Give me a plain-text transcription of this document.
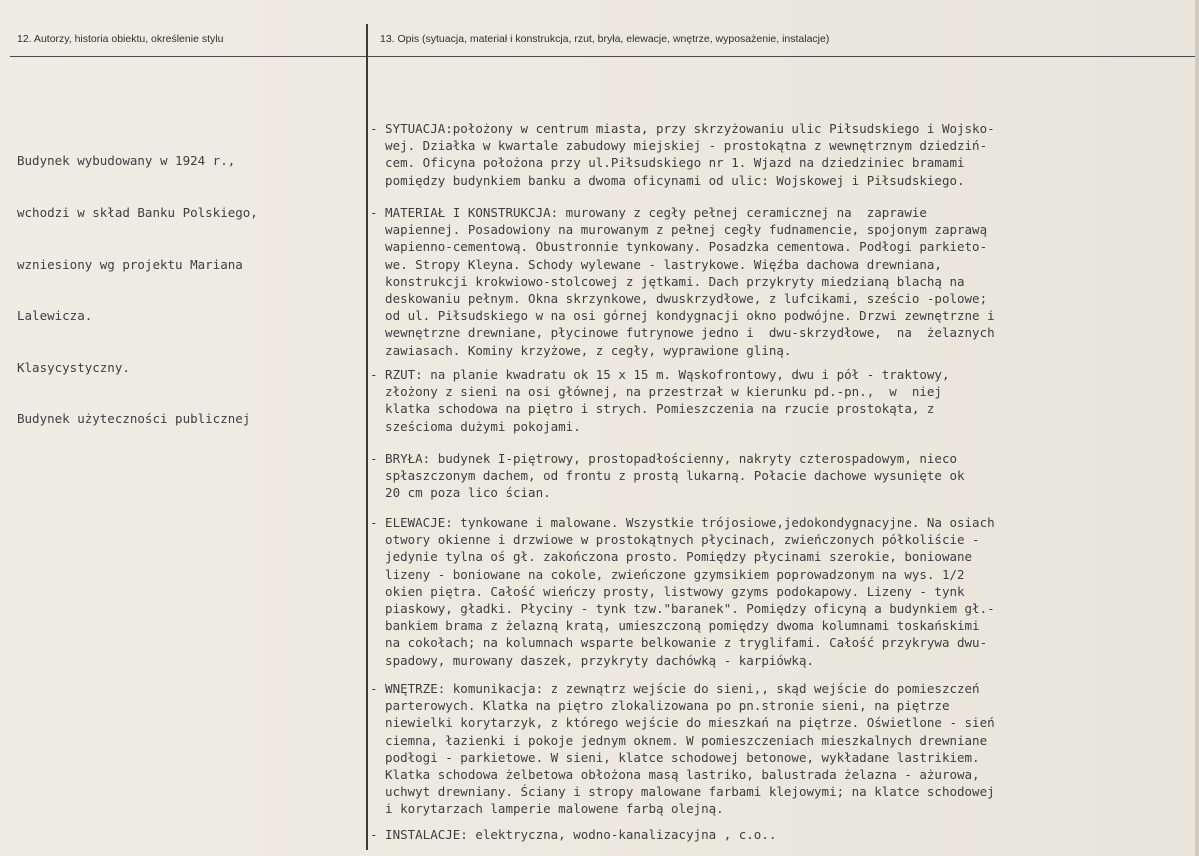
12. Autorzy, historia obiektu, określenie stylu	13. Opis (sytuacja, materiał i konstrukcja, rzut, bryła, elewacje, wnętrze, wyposażenie, instalacje)

Budynek wybudowany w 1924 r.,

wchodzi w skład Banku Polskiego,

wzniesiony wg projektu Mariana

Lalewicza.

Klasycystyczny.

Budynek użyteczności publicznej

- SYTUACJA:położony w centrum miasta, przy skrzyżowaniu ulic Piłsudskiego i Wojsko-
wej. Działka w kwartale zabudowy miejskiej - prostokątna z wewnętrznym dziedziń-
cem. Oficyna położona przy ul.Piłsudskiego nr 1. Wjazd na dziedziniec bramami
pomiędzy budynkiem banku a dwoma oficynami od ulic: Wojskowej i Piłsudskiego.
- MATERIAŁ I KONSTRUKCJA: murowany z cegły pełnej ceramicznej na  zaprawie
wapiennej. Posadowiony na murowanym z pełnej cegły fudnamencie, spojonym zaprawą
wapienno-cementową. Obustronnie tynkowany. Posadzka cementowa. Podłogi parkieto-
we. Stropy Kleyna. Schody wylewane - lastrykowe. Więźba dachowa drewniana,
konstrukcji krokwiowo-stolcowej z jętkami. Dach przykryty miedzianą blachą na
deskowaniu pełnym. Okna skrzynkowe, dwuskrzydłowe, z lufcikami, sześcio -polowe;
od ul. Piłsudskiego w na osi górnej kondygnacji okno podwójne. Drzwi zewnętrzne i
wewnętrzne drewniane, płycinowe futrynowe jedno i  dwu-skrzydłowe,  na  żelaznych
zawiasach. Kominy krzyżowe, z cegły, wyprawione gliną.
- RZUT: na planie kwadratu ok 15 x 15 m. Wąskofrontowy, dwu i pół - traktowy,
złożony z sieni na osi głównej, na przestrzał w kierunku pd.-pn.,  w  niej
klatka schodowa na piętro i strych. Pomieszczenia na rzucie prostokąta, z
sześcioma dużymi pokojami.
- BRYŁA: budynek I-piętrowy, prostopadłościenny, nakryty czterospadowym, nieco
spłaszczonym dachem, od frontu z prostą lukarną. Połacie dachowe wysunięte ok
20 cm poza lico ścian.
- ELEWACJE: tynkowane i malowane. Wszystkie trójosiowe,jedokondygnacyjne. Na osiach
otwory okienne i drzwiowe w prostokątnych płycinach, zwieńczonych półkoliście -
jedynie tylna oś gł. zakończona prosto. Pomiędzy płycinami szerokie, boniowane
lizeny - boniowane na cokole, zwieńczone gzymsikiem poprowadzonym na wys. 1/2
okien piętra. Całość wieńczy prosty, listwowy gzyms podokapowy. Lizeny - tynk
piaskowy, gładki. Płyciny - tynk tzw."baranek". Pomiędzy oficyną a budynkiem gł.-
bankiem brama z żelazną kratą, umieszczoną pomiędzy dwoma kolumnami toskańskimi
na cokołach; na kolumnach wsparte belkowanie z tryglifami. Całość przykrywa dwu-
spadowy, murowany daszek, przykryty dachówką - karpiówką.
- WNĘTRZE: komunikacja: z zewnątrz wejście do sieni,, skąd wejście do pomieszczeń
parterowych. Klatka na piętro zlokalizowana po pn.stronie sieni, na piętrze
niewielki korytarzyk, z którego wejście do mieszkań na piętrze. Oświetlone - sień
ciemna, łazienki i pokoje jednym oknem. W pomieszczeniach mieszkalnych drewniane
podłogi - parkietowe. W sieni, klatce schodowej betonowe, wykładane lastrikiem.
Klatka schodowa żelbetowa obłożona masą lastriko, balustrada żelazna - ażurowa,
uchwyt drewniany. Ściany i stropy malowane farbami klejowymi; na klatce schodowej
i korytarzach lamperie malowene farbą olejną.
- INSTALACJE: elektryczna, wodno-kanalizacyjna , c.o..
